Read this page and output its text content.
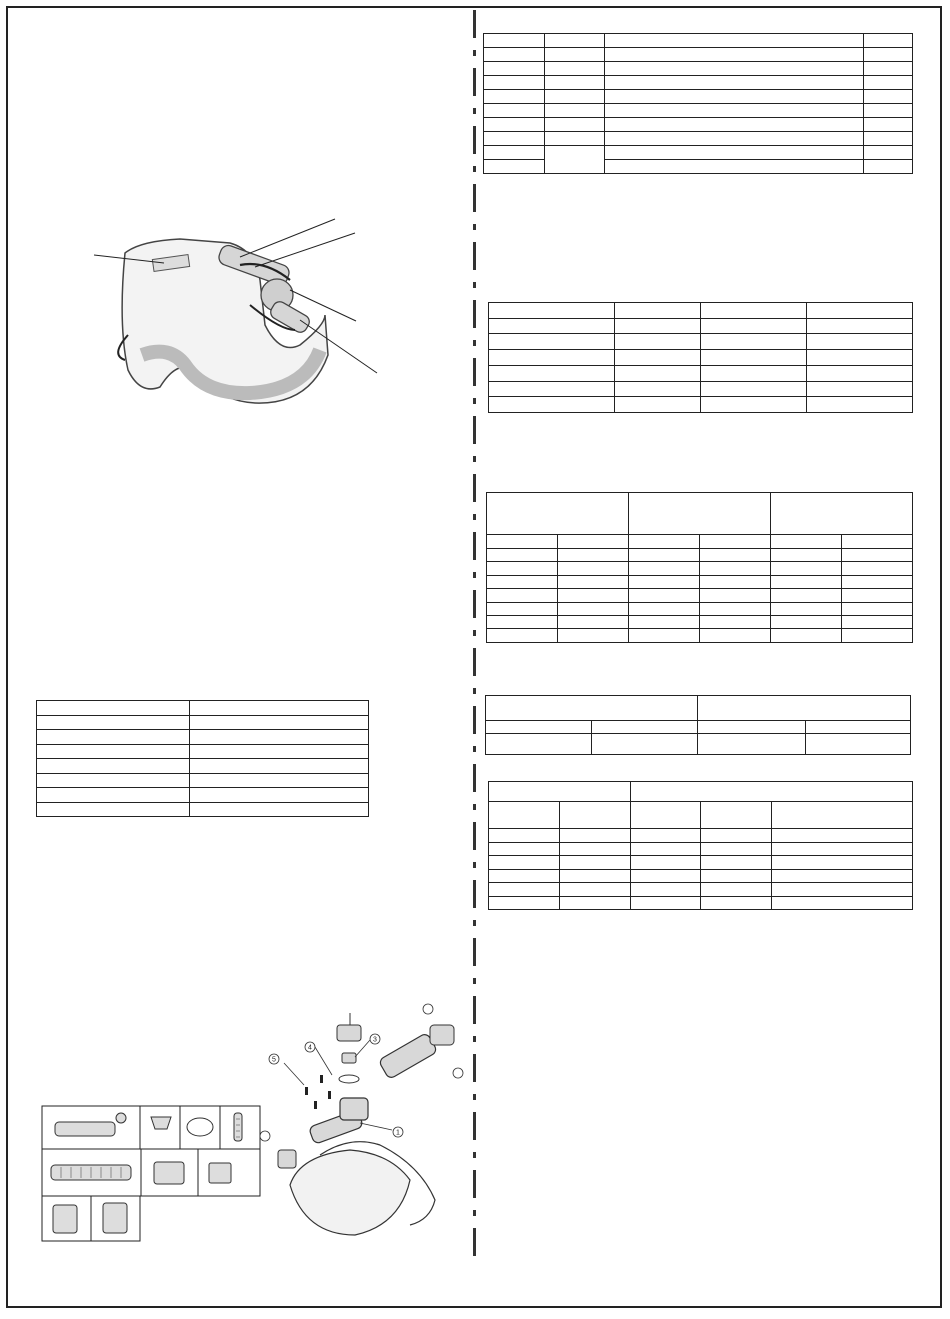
5
4
3
1
